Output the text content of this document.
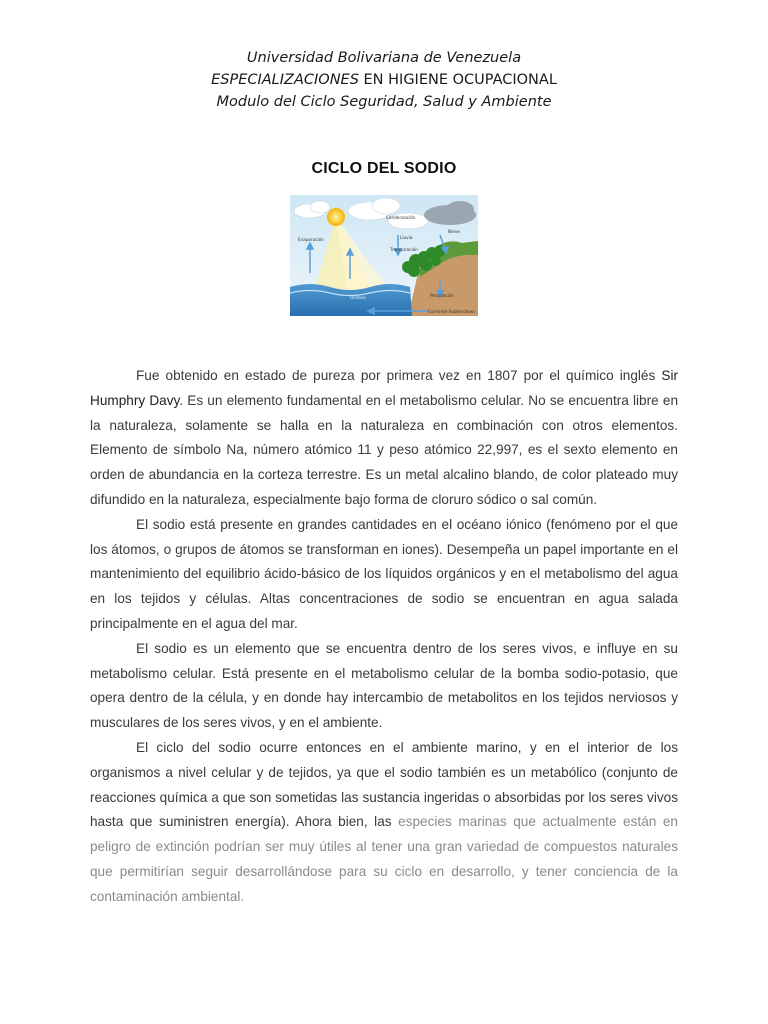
Universidad Bolivariana de Venezuela
ESPECIALIZACIONES EN HIGIENE OCUPACIONAL
Modulo del Ciclo Seguridad, Salud y Ambiente
CICLO DEL SODIO
Evaporación
Condensación
Lluvia
Nieve
Transpiración
Océano	Percolación
Corriente Subterránea

Fue obtenido en estado de pureza por primera vez en 1807 por el químico inglés Sir Humphry Davy. Es un elemento fundamental en el metabolismo celular. No se encuentra libre en la naturaleza, solamente se halla en la naturaleza en combinación con otros elementos. Elemento de símbolo Na, número atómico 11 y peso atómico 22,997, es el sexto elemento en orden de abundancia en la corteza terrestre. Es un metal alcalino blando, de color plateado muy difundido en la naturaleza, especialmente bajo forma de cloruro sódico o sal común.

El sodio está presente en grandes cantidades en el océano iónico (fenómeno por el que los átomos, o grupos de átomos se transforman en iones). Desempeña un papel importante en el mantenimiento del equilibrio ácido-básico de los líquidos orgánicos y en el metabolismo del agua en los tejidos y células. Altas concentraciones de sodio se encuentran en agua salada principalmente en el agua del mar.

El sodio es un elemento que se encuentra dentro de los seres vivos, e influye en su metabolismo celular. Está presente en el metabolismo celular de la bomba sodio-potasio, que opera dentro de la célula, y en donde hay intercambio de metabolitos en los tejidos nerviosos y musculares de los seres vivos, y en el ambiente.

El ciclo del sodio ocurre entonces en el ambiente marino, y en el interior de los organismos a nivel celular y de tejidos, ya que el sodio también es un metabólico (conjunto de reacciones química a que son sometidas las sustancia ingeridas o absorbidas por los seres vivos hasta que suministren energía). Ahora bien, las especies marinas que actualmente están en peligro de extinción podrían ser muy útiles al tener una gran variedad de compuestos naturales que permitirían seguir desarrollándose para su ciclo en desarrollo, y tener conciencia de la contaminación ambiental.
